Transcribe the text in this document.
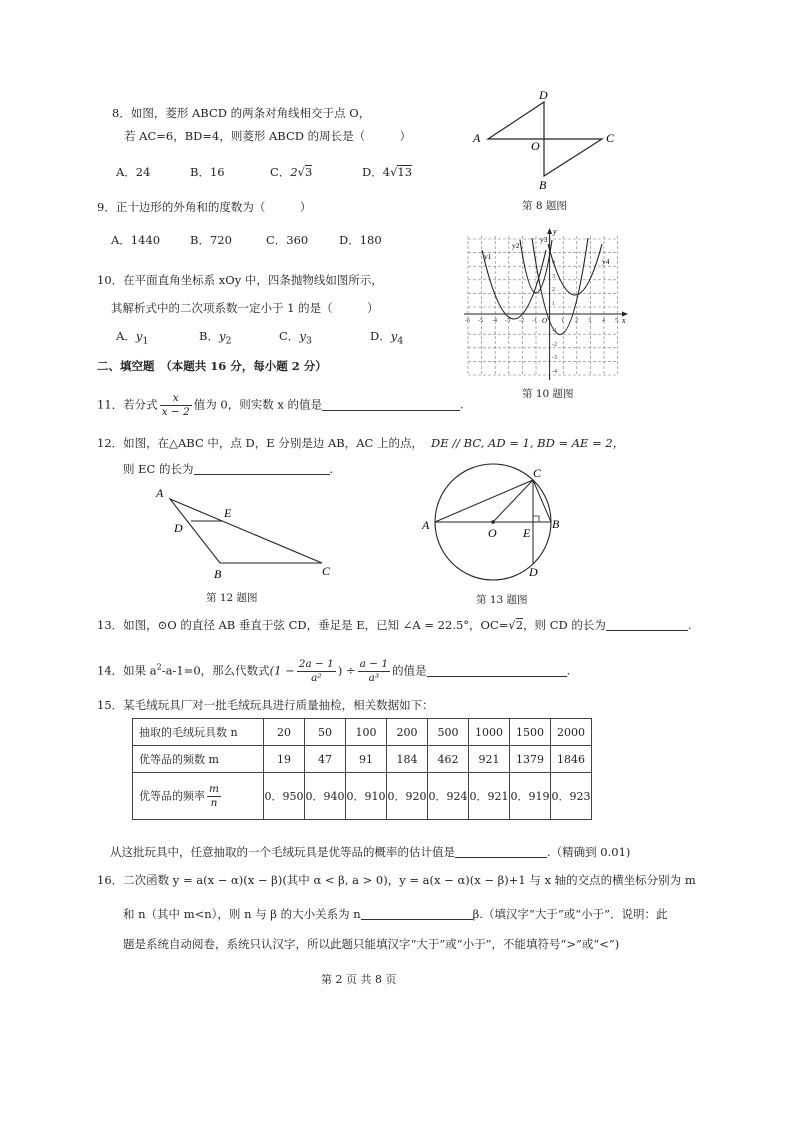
8．如图，菱形 ABCD 的两条对角线相交于点 O，
若 AC=6，BD=4，则菱形 ABCD 的周长是（　　　）
A．24	B．16	C．2√3	D．4√13
D
A	C
O
B
第 8 题图
9．正十边形的外角和的度数为（　　　）
A．1440	B．720	C．360	D．180
y
x
O
-6 -5 -4 -3 -2 -1	1 2 3 4 5
4
3
2
1
-1
-2
-3
-4
y1
y2
y3
y4
第 10 题图
10．在平面直角坐标系 xOy 中，四条抛物线如图所示，
其解析式中的二次项系数一定小于 1 的是（　　　）
A．$y_1$	B．$y_2$	C．$y_3$	D．$y_4$
二、填空题　（本题共 16 分，每小题 2 分）
11．若分式 $\frac{x}{x - 2}$ 值为 0，则实数 x 的值是	.
12．如图，在△ABC 中，点 D，E 分别是边 AB，AC 上的点， DE // BC, AD = 1, BD = AE = 2，
则 EC 的长为	.
A
E
D
B	C
第 12 题图
C
A
O E
B
D
第 13 题图
13．如图，⊙O 的直径 AB 垂直于弦 CD，垂足是 E，已知 ∠A = 22.5°，OC=√2，则 CD 的长为	.
14．如果 $a^2-a-1=0$，那么代数式($1 - \frac{2a - 1}{\text{a²}}$ ) ÷ $\frac{a - 1}{\text{a³}}$ 的值是	.
15．某毛绒玩具厂对一批毛绒玩具进行质量抽检，相关数据如下：
抽取的毛绒玩具数 n	20	50	100	200	500	1000	1500	2000
优等品的频数 m	19	47	91	184	462	921	1379	1846
优等品的频率 $\frac{m}{n}$	0．950	0．940	0．910	0．920	0．924	0．921	0．919	0．923
从这批玩具中，任意抽取的一个毛绒玩具是优等品的概率的估计值是	.（精确到 0.01)
16．二次函数 y = a(x − α)(x − β)(其中 α < β, a > 0)，y = a(x − α)(x − β)+1 与 x 轴的交点的横坐标分别为 m
和 n（其中 m<n），则 n 与 β 的大小关系为 n	β.（填汉字“大于”或“小于”．说明：此
题是系统自动阅卷，系统只认汉字，所以此题只能填汉字“大于”或“小于”，不能填符号“>”或“<”)
第 2 页 共 8 页
